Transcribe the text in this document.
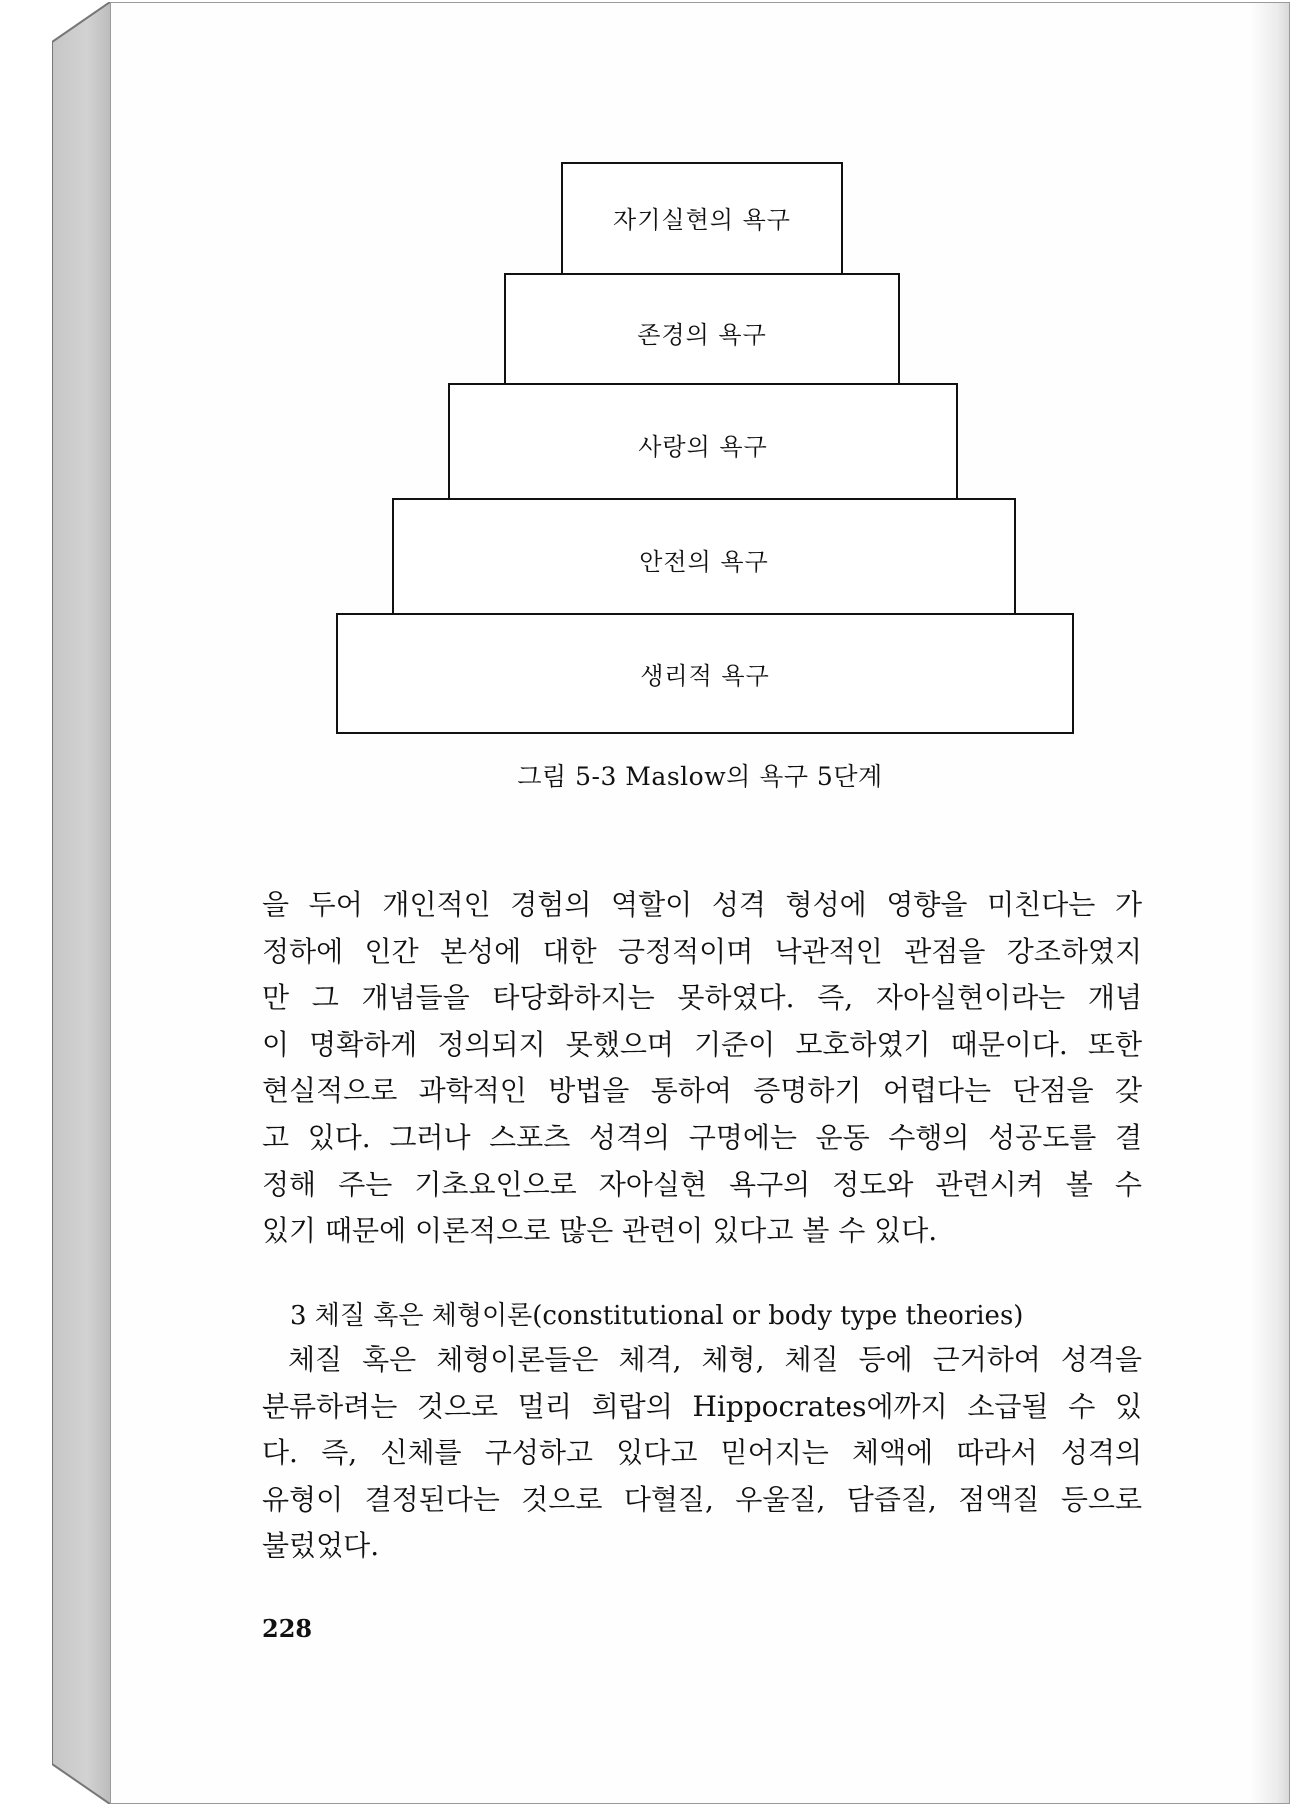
자기실현의 욕구
존경의 욕구
사랑의 욕구
안전의 욕구
생리적 욕구
그림 5-3 Maslow의 욕구 5단계
을 두어 개인적인 경험의 역할이 성격 형성에 영향을 미친다는 가
정하에 인간 본성에 대한 긍정적이며 낙관적인 관점을 강조하였지
만 그 개념들을 타당화하지는 못하였다. 즉, 자아실현이라는 개념
이 명확하게 정의되지 못했으며 기준이 모호하였기 때문이다. 또한
현실적으로 과학적인 방법을 통하여 증명하기 어렵다는 단점을 갖
고 있다. 그러나 스포츠 성격의 구명에는 운동 수행의 성공도를 결
정해 주는 기초요인으로 자아실현 욕구의 정도와 관련시켜 볼 수
있기 때문에 이론적으로 많은 관련이 있다고 볼 수 있다.
3 체질 혹은 체형이론(constitutional or body type theories)
체질 혹은 체형이론들은 체격, 체형, 체질 등에 근거하여 성격을
분류하려는 것으로 멀리 희랍의 Hippocrates에까지 소급될 수 있
다. 즉, 신체를 구성하고 있다고 믿어지는 체액에 따라서 성격의
유형이 결정된다는 것으로 다혈질, 우울질, 담즙질, 점액질 등으로
불렀었다.
228
